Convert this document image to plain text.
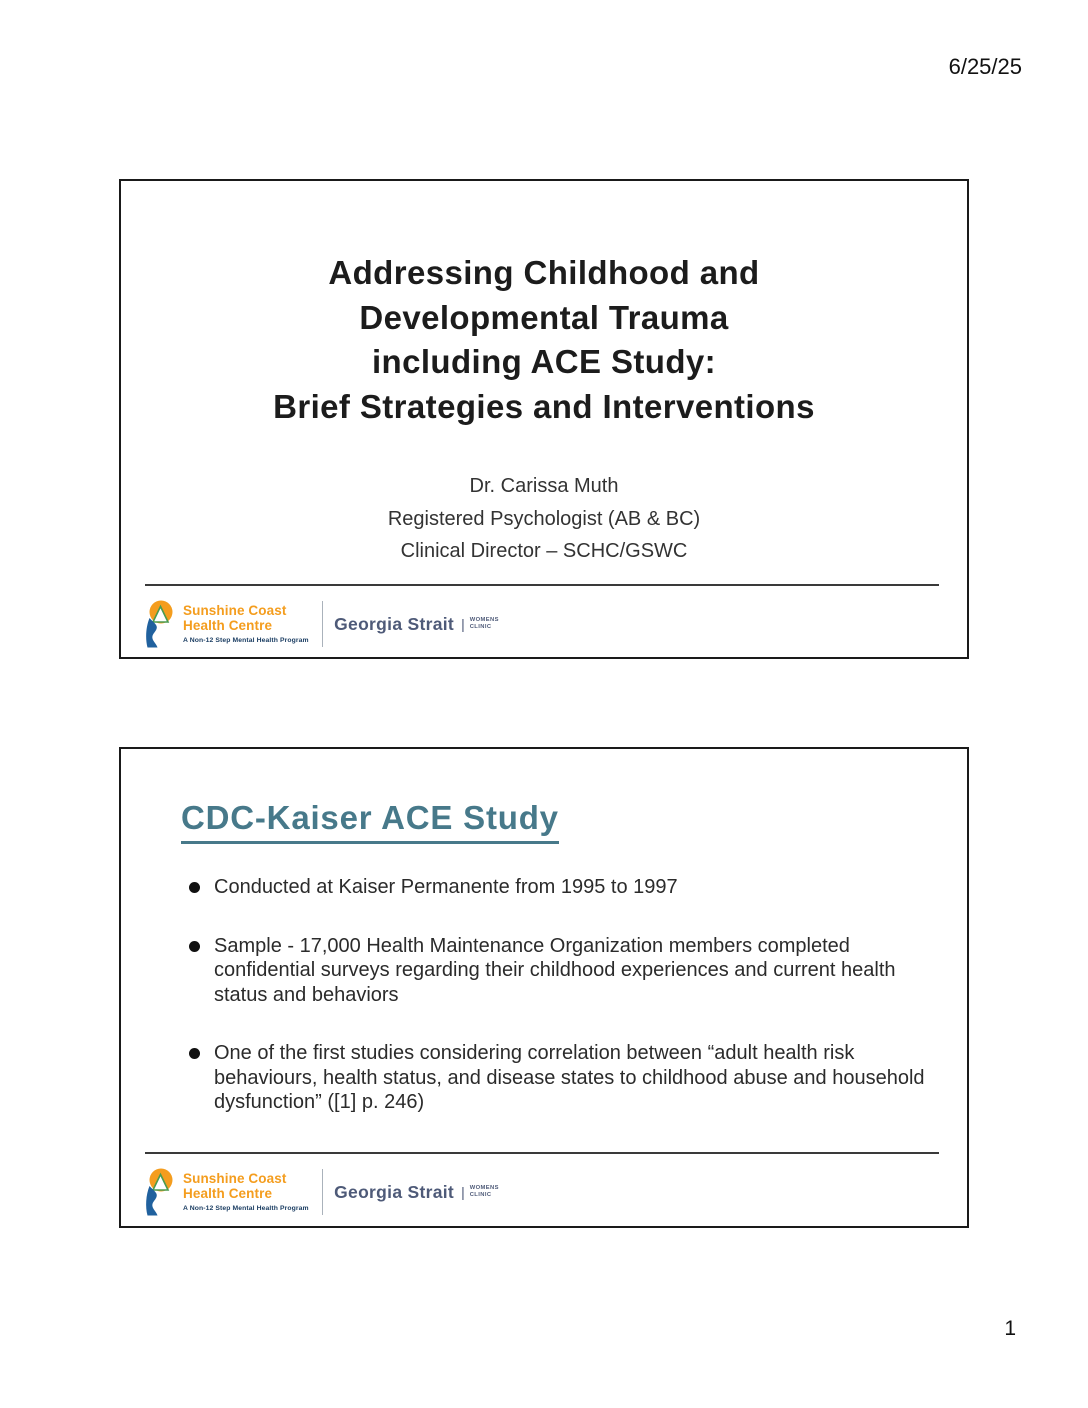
6/25/25
Addressing Childhood and
Developmental Trauma
including ACE Study:
Brief Strategies and Interventions
Dr. Carissa Muth
Registered Psychologist (AB & BC)
Clinical Director – SCHC/GSWC
Sunshine Coast
Health Centre
A Non-12 Step Mental Health Program
Georgia Strait | WOMENS
CLINIC
CDC-Kaiser ACE Study
Conducted at Kaiser Permanente from 1995 to 1997
Sample - 17,000 Health Maintenance Organization members completed confidential surveys regarding their childhood experiences and current health status and behaviors
One of the first studies considering correlation between “adult health risk behaviours, health status, and disease states to childhood abuse and household dysfunction” ([1] p. 246)
Sunshine Coast
Health Centre
A Non-12 Step Mental Health Program
Georgia Strait | WOMENS
CLINIC
1
